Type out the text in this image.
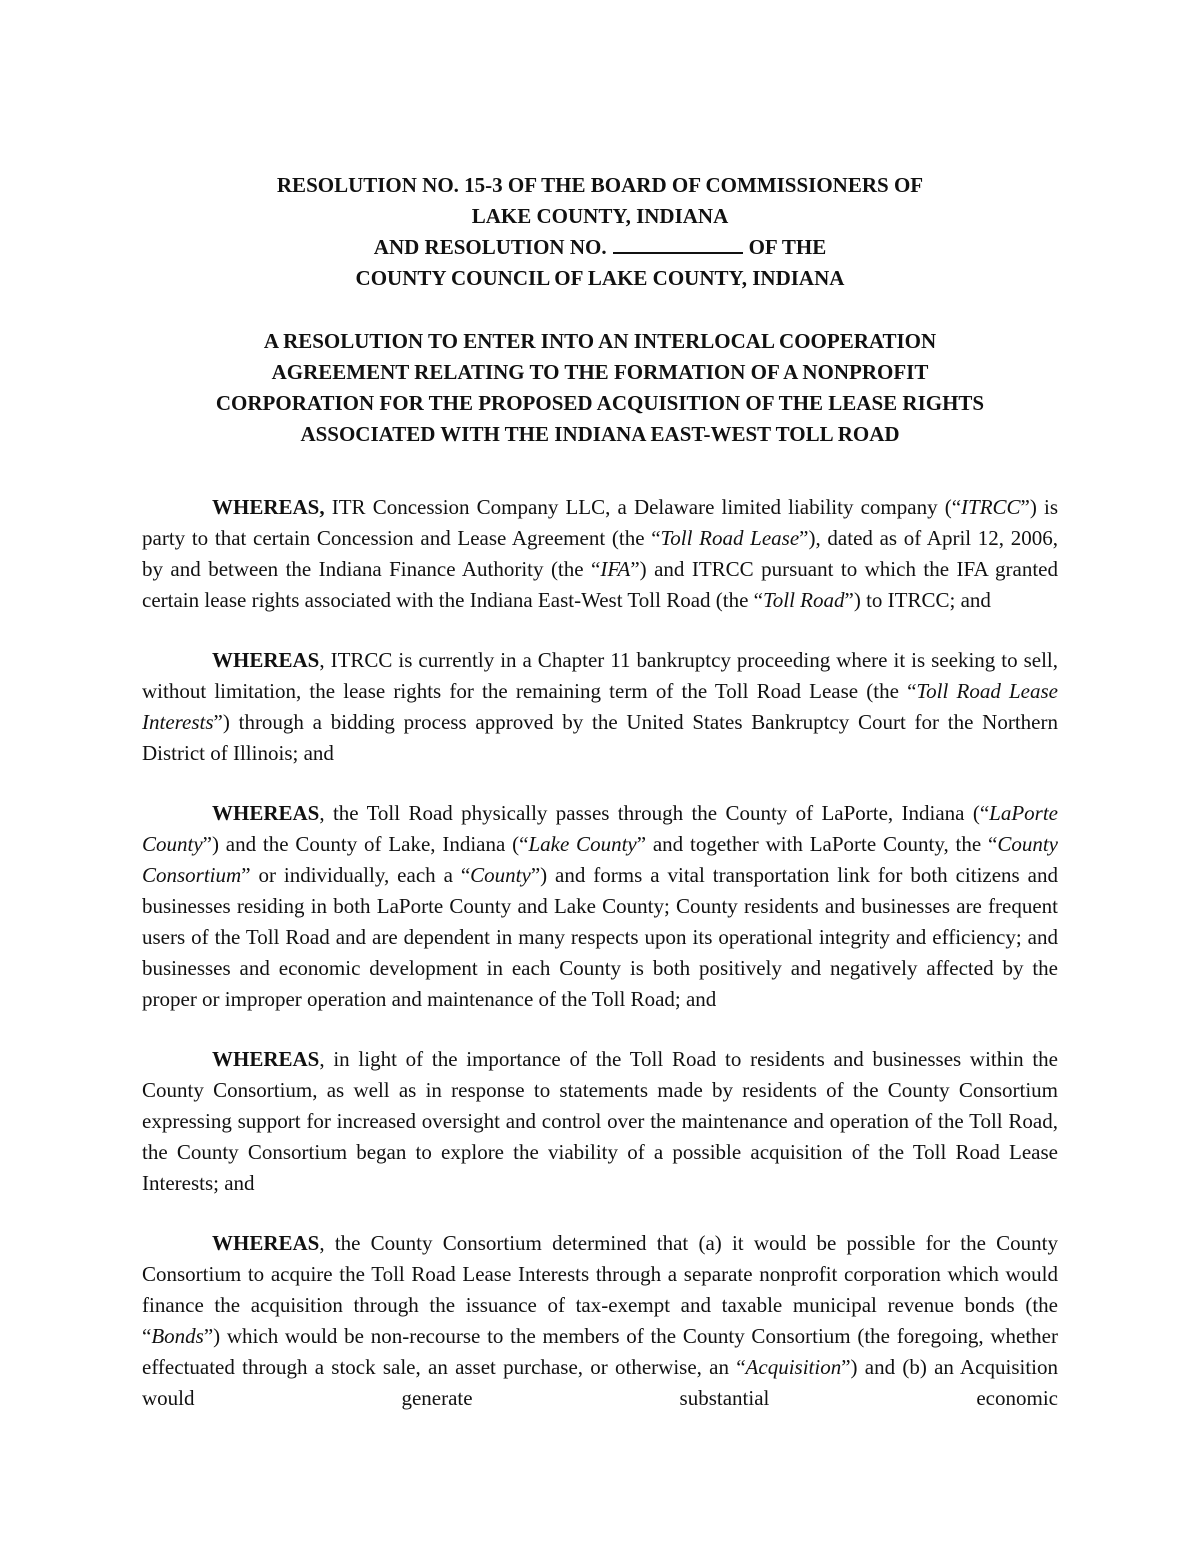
RESOLUTION NO. 15-3 OF THE BOARD OF COMMISSIONERS OF

LAKE COUNTY, INDIANA

AND RESOLUTION NO.	OF THE

COUNTY COUNCIL OF LAKE COUNTY, INDIANA

A RESOLUTION TO ENTER INTO AN INTERLOCAL COOPERATION

AGREEMENT RELATING TO THE FORMATION OF A NONPROFIT

CORPORATION FOR THE PROPOSED ACQUISITION OF THE LEASE RIGHTS

ASSOCIATED WITH THE INDIANA EAST-WEST TOLL ROAD

WHEREAS, ITR Concession Company LLC, a Delaware limited liability company (“ITRCC”) is party to that certain Concession and Lease Agreement (the “Toll Road Lease”), dated as of April 12, 2006, by and between the Indiana Finance Authority (the “IFA”) and ITRCC pursuant to which the IFA granted certain lease rights associated with the Indiana East-West Toll Road (the “Toll Road”) to ITRCC; and

WHEREAS, ITRCC is currently in a Chapter 11 bankruptcy proceeding where it is seeking to sell, without limitation, the lease rights for the remaining term of the Toll Road Lease (the “Toll Road Lease Interests”) through a bidding process approved by the United States Bankruptcy Court for the Northern District of Illinois; and

WHEREAS, the Toll Road physically passes through the County of LaPorte, Indiana (“LaPorte County”) and the County of Lake, Indiana (“Lake County” and together with LaPorte County, the “County Consortium” or individually, each a “County”) and forms a vital transportation link for both citizens and businesses residing in both LaPorte County and Lake County; County residents and businesses are frequent users of the Toll Road and are dependent in many respects upon its operational integrity and efficiency; and businesses and economic development in each County is both positively and negatively affected by the proper or improper operation and maintenance of the Toll Road; and

WHEREAS, in light of the importance of the Toll Road to residents and businesses within the County Consortium, as well as in response to statements made by residents of the County Consortium expressing support for increased oversight and control over the maintenance and operation of the Toll Road, the County Consortium began to explore the viability of a possible acquisition of the Toll Road Lease Interests; and

WHEREAS, the County Consortium determined that (a) it would be possible for the County Consortium to acquire the Toll Road Lease Interests through a separate nonprofit corporation which would finance the acquisition through the issuance of tax-exempt and taxable municipal revenue bonds (the “Bonds”) which would be non-recourse to the members of the County Consortium (the foregoing, whether effectuated through a stock sale, an asset purchase, or otherwise, an “Acquisition”) and (b) an Acquisition would generate substantial economic
